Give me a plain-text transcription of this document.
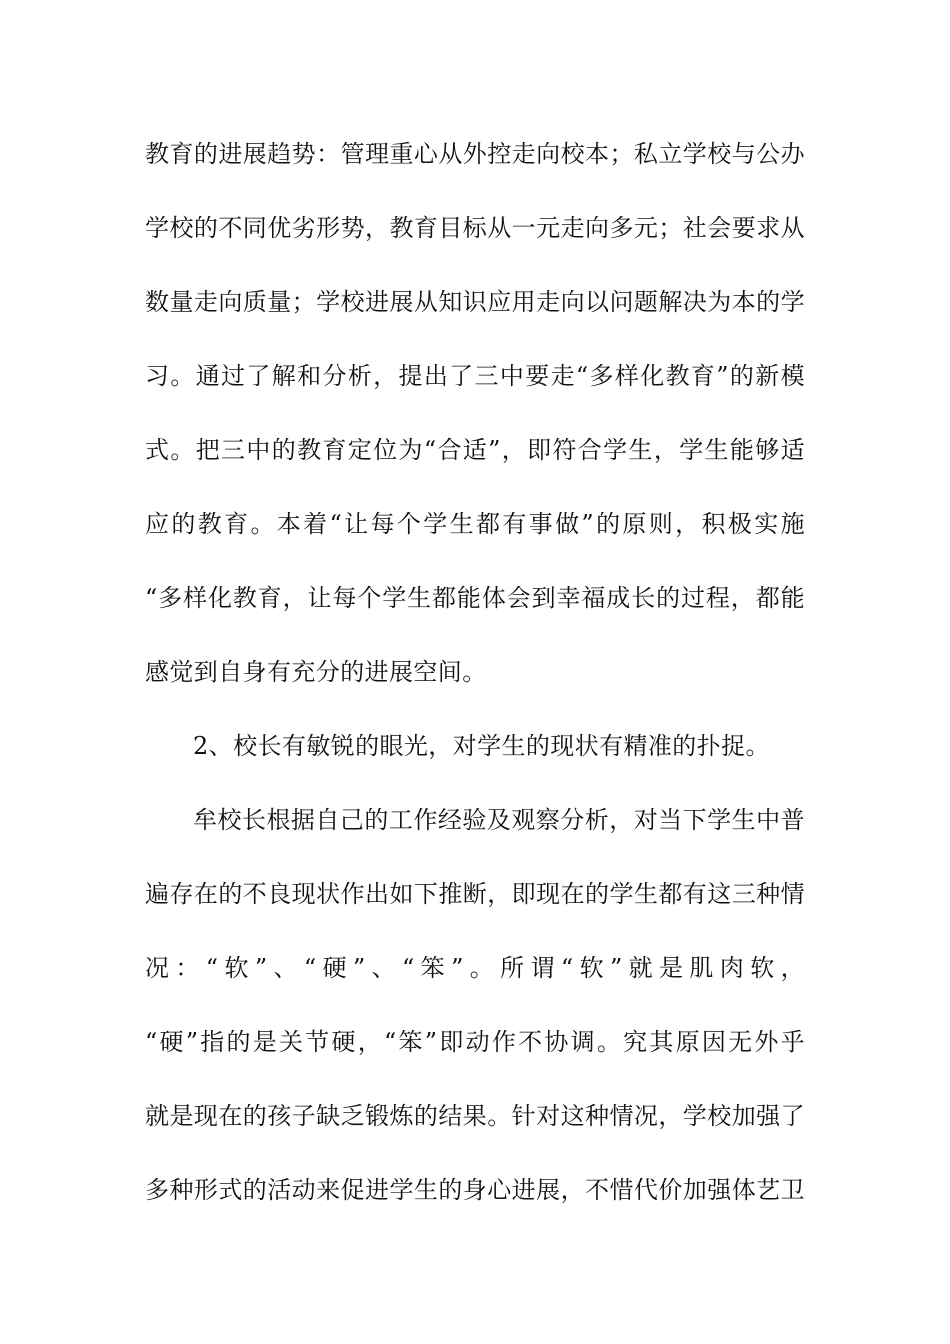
教育的进展趋势：管理重心从外控走向校本；私立学校与公办
学校的不同优劣形势，教育目标从一元走向多元；社会要求从
数量走向质量；学校进展从知识应用走向以问题解决为本的学
习。通过了解和分析，提出了三中要走“多样化教育”的新模
式。把三中的教育定位为“合适”，即符合学生，学生能够适
应的教育。本着“让每个学生都有事做”的原则，积极实施
“多样化教育，让每个学生都能体会到幸福成长的过程，都能
感觉到自身有充分的进展空间。
2、校长有敏锐的眼光，对学生的现状有精准的扑捉。
牟校长根据自己的工作经验及观察分析，对当下学生中普
遍存在的不良现状作出如下推断，即现在的学生都有这三种情
况：“软”、“硬”、“笨”。所谓“软”就是肌肉软，
“硬”指的是关节硬，“笨”即动作不协调。究其原因无外乎
就是现在的孩子缺乏锻炼的结果。针对这种情况，学校加强了
多种形式的活动来促进学生的身心进展，不惜代价加强体艺卫
